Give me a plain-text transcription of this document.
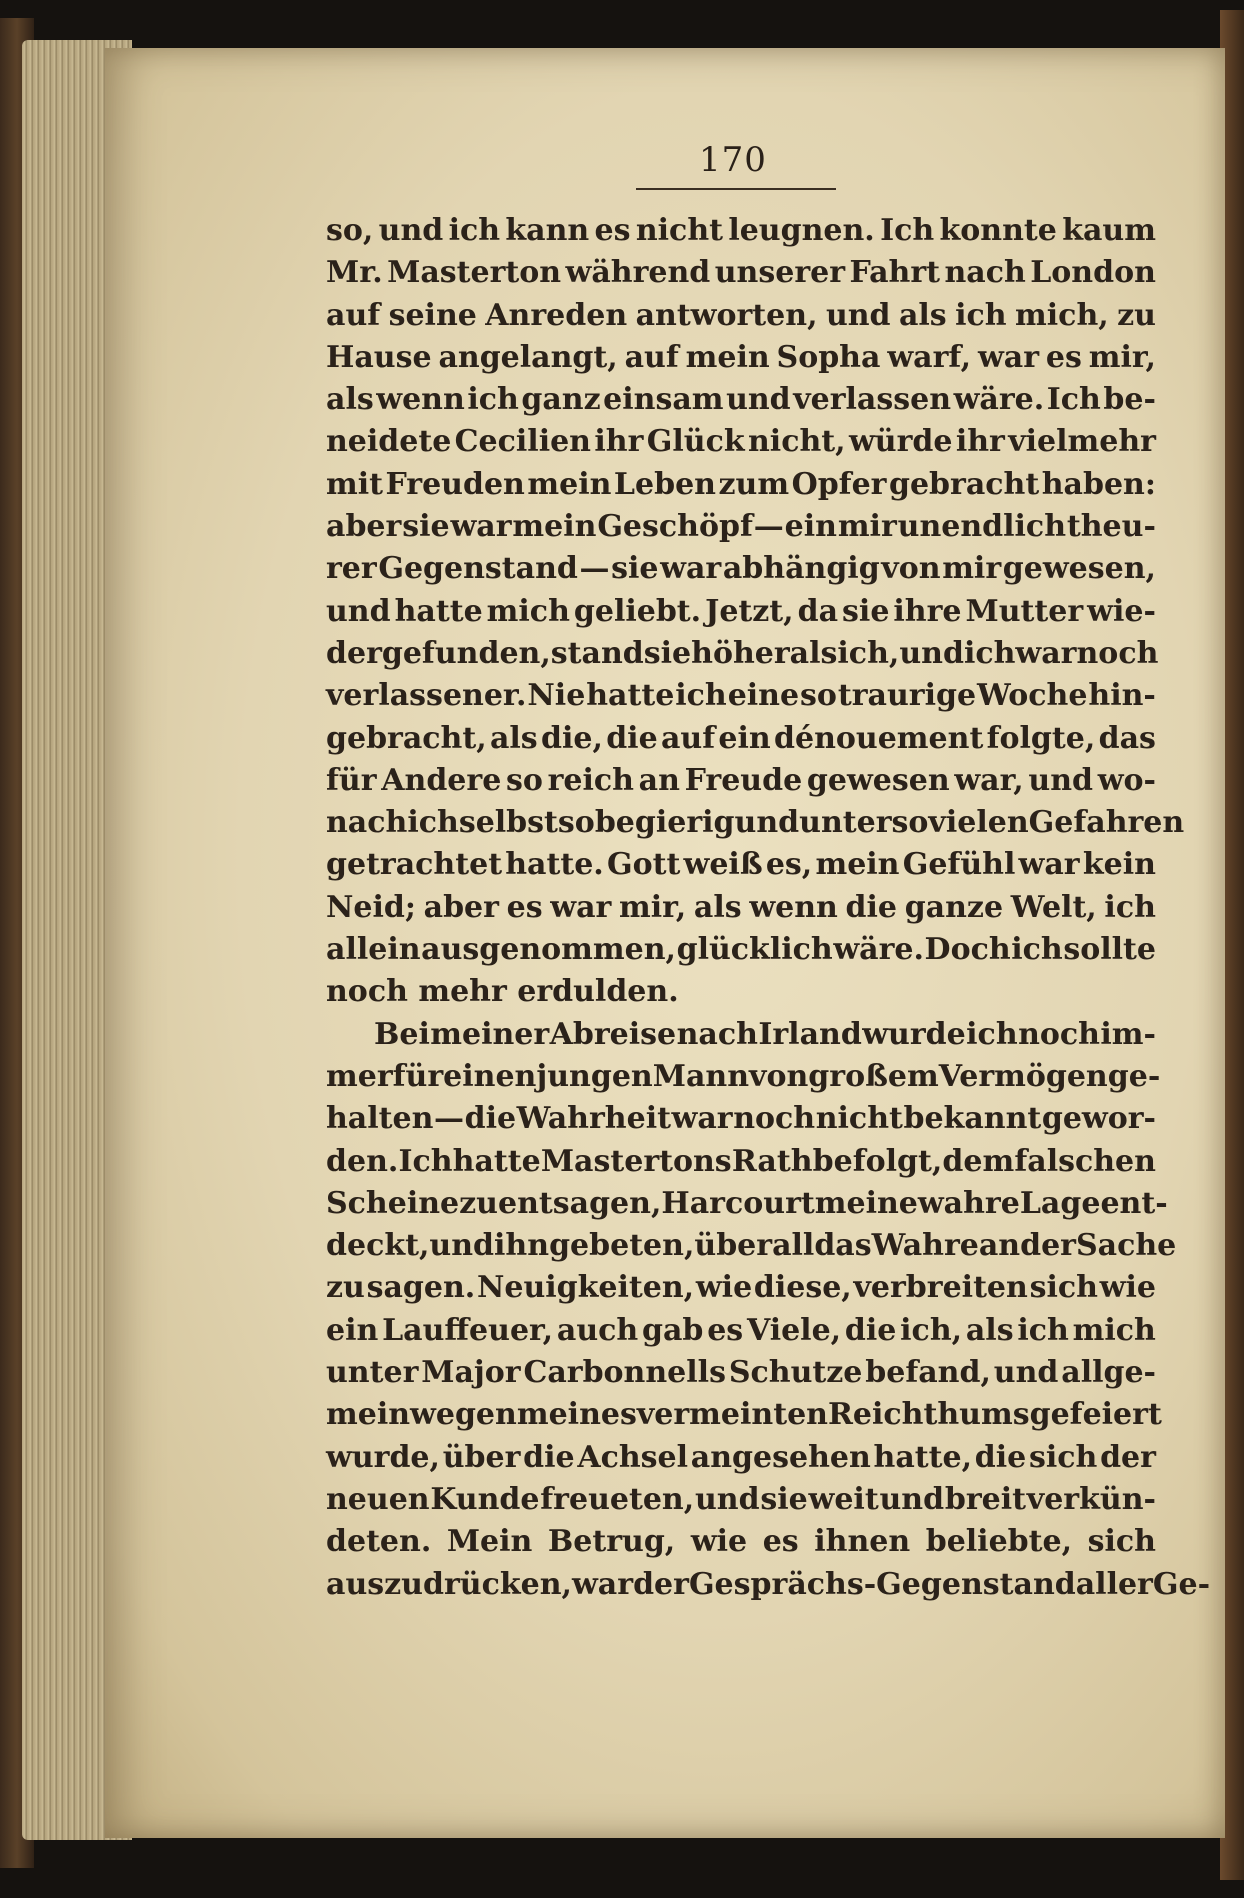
170
so, und ich kann es nicht leugnen. Ich konnte kaum
Mr. Masterton während unserer Fahrt nach London
auf seine Anreden antworten, und als ich mich, zu
Hause angelangt, auf mein Sopha warf, war es mir,
als wenn ich ganz einsam und verlassen wäre. Ich be-
neidete Cecilien ihr Glück nicht, würde ihr vielmehr
mit Freuden mein Leben zum Opfer gebracht haben:
aber sie war mein Geschöpf — ein mir unendlich theu-
rer Gegenstand — sie war abhängig von mir gewesen,
und hatte mich geliebt. Jetzt, da sie ihre Mutter wie-
dergefunden, stand sie höher als ich, und ich war noch
verlassener. Nie hatte ich eine so traurige Woche hin-
gebracht, als die, die auf ein dénouement folgte, das
für Andere so reich an Freude gewesen war, und wo-
nach ich selbst so begierig und unter so vielen Gefahren
getrachtet hatte. Gott weiß es, mein Gefühl war kein
Neid; aber es war mir, als wenn die ganze Welt, ich
allein ausgenommen, glücklich wäre. Doch ich sollte
noch mehr erdulden.
Bei meiner Abreise nach Irland wurde ich noch im-
mer für einen jungen Mann von großem Vermögen ge-
halten — die Wahrheit war noch nicht bekannt gewor-
den. Ich hatte Mastertons Rath befolgt, dem falschen
Scheine zu entsagen, Harcourt meine wahre Lage ent-
deckt, und ihn gebeten, überall das Wahre an der Sache
zu sagen. Neuigkeiten, wie diese, verbreiten sich wie
ein Lauffeuer, auch gab es Viele, die ich, als ich mich
unter Major Carbonnells Schutze befand, und allge-
mein wegen meines vermeinten Reichthums gefeiert
wurde, über die Achsel angesehen hatte, die sich der
neuen Kunde freueten, und sie weit und breit verkün-
deten. Mein Betrug, wie es ihnen beliebte, sich
auszudrücken, war der Gesprächs-Gegenstand aller Ge-
